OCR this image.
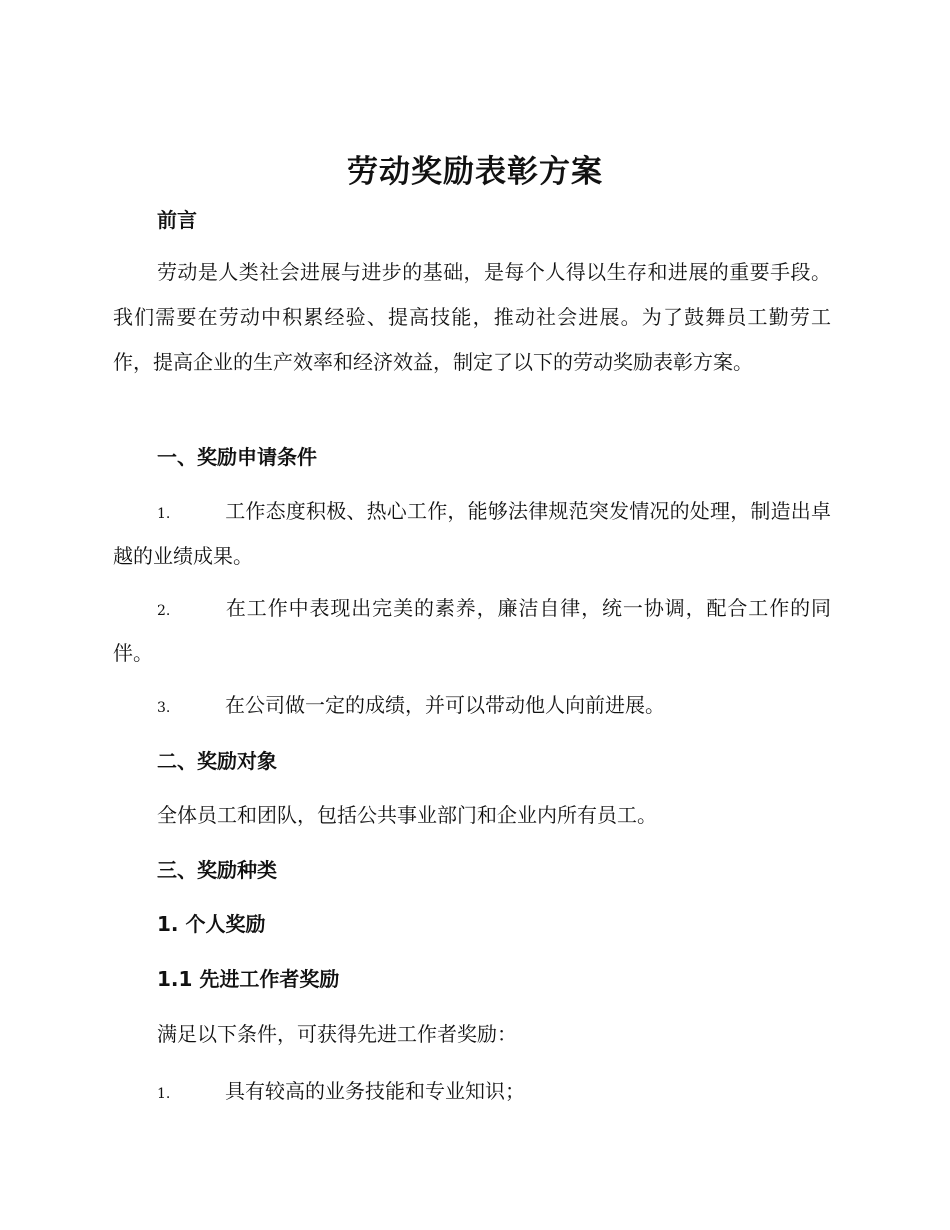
劳动奖励表彰方案
前言
劳动是人类社会进展与进步的基础，是每个人得以生存和进展的重要手段。我们需要在劳动中积累经验、提高技能，推动社会进展。为了鼓舞员工勤劳工作，提高企业的生产效率和经济效益，制定了以下的劳动奖励表彰方案。
一、奖励申请条件
1.	工作态度积极、热心工作，能够法律规范突发情况的处理，制造出卓越的业绩成果。
2.	在工作中表现出完美的素养，廉洁自律，统一协调，配合工作的同伴。
3.	在公司做一定的成绩，并可以带动他人向前进展。
二、奖励对象
全体员工和团队，包括公共事业部门和企业内所有员工。
三、奖励种类
1. 个人奖励
1.1 先进工作者奖励
满足以下条件，可获得先进工作者奖励：
1.	具有较高的业务技能和专业知识；
